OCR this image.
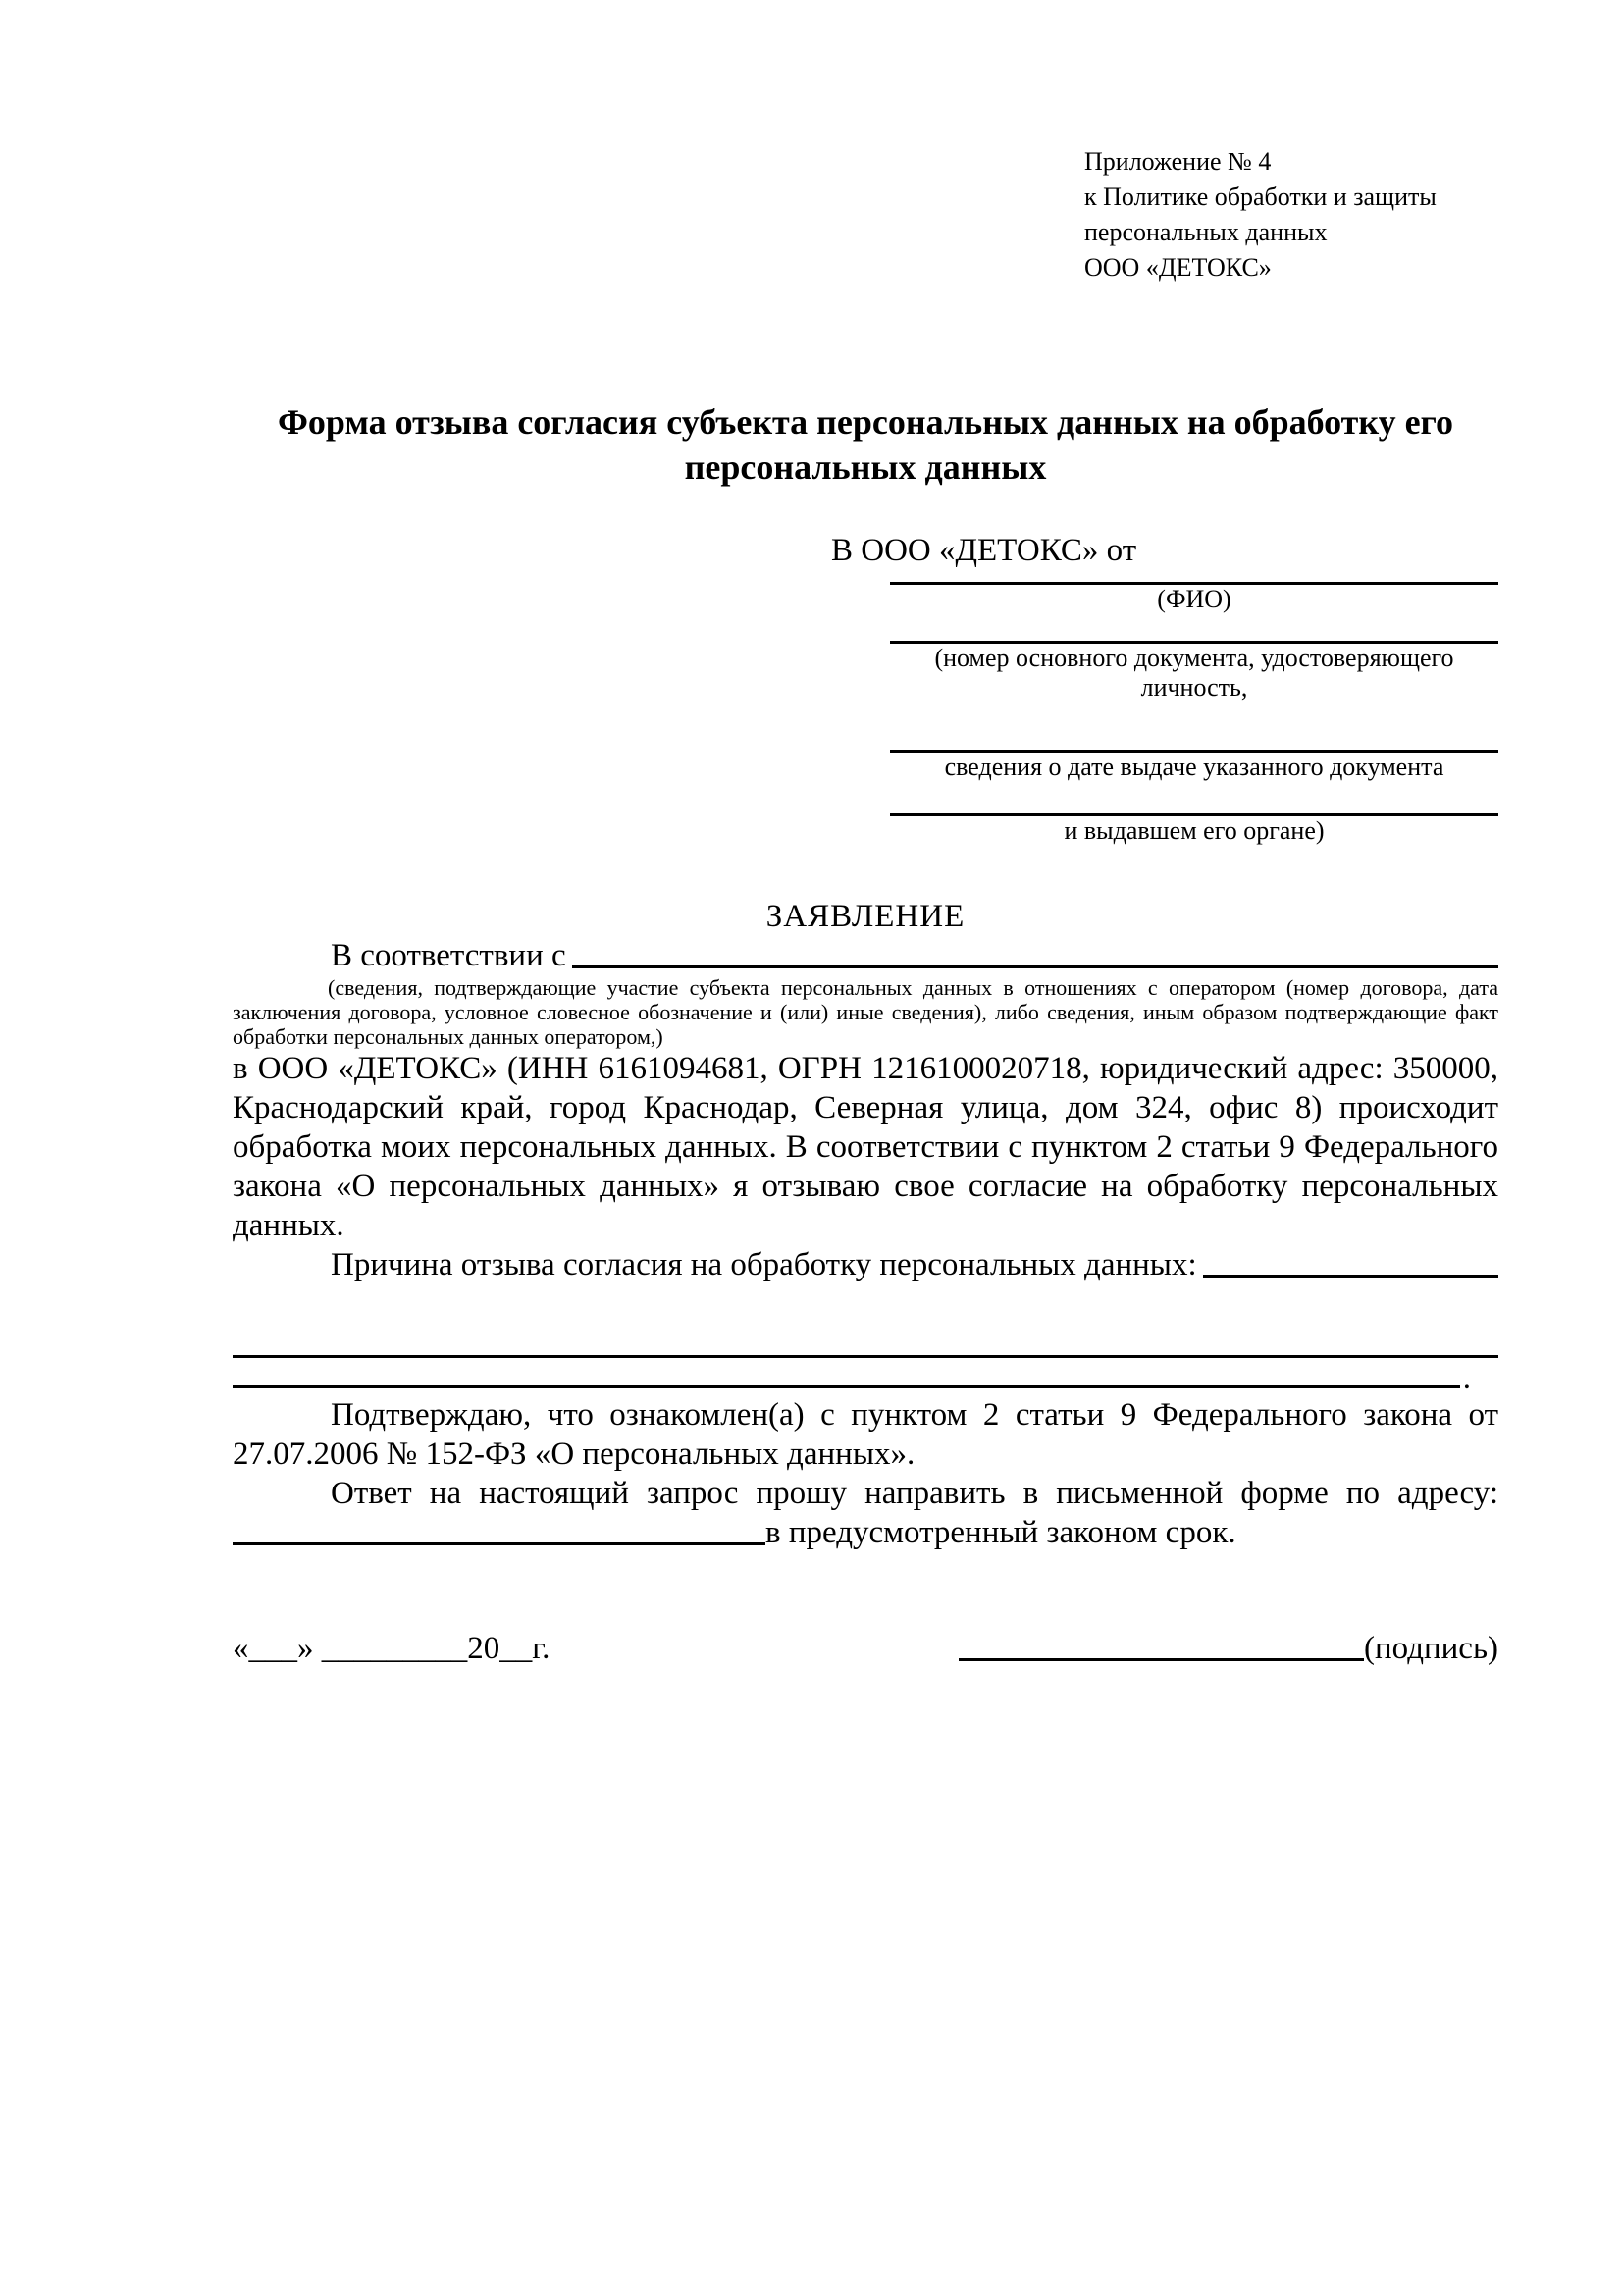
Приложение № 4
к Политике обработки и защиты
персональных данных
ООО «ДЕТОКС»
Форма отзыва согласия субъекта персональных данных на обработку его персональных данных
В ООО «ДЕТОКС» от
(ФИО)
(номер основного документа, удостоверяющего личность,
сведения о дате выдаче указанного документа
и выдавшем его органе)
ЗАЯВЛЕНИЕ
В соответствии с
(сведения, подтверждающие участие субъекта персональных данных в отношениях с оператором (номер договора, дата заключения договора, условное словесное обозначение и (или) иные сведения), либо сведения, иным образом подтверждающие факт обработки персональных данных оператором,)
в ООО «ДЕТОКС» (ИНН 6161094681, ОГРН 1216100020718, юридический адрес: 350000, Краснодарский край, город Краснодар, Северная улица, дом 324, офис 8) происходит обработка моих персональных данных. В соответствии с пунктом 2 статьи 9 Федерального закона «О персональных данных» я отзываю свое согласие на обработку персональных данных.
Причина отзыва согласия на обработку персональных данных:
.
Подтверждаю, что ознакомлен(а) с пунктом 2 статьи 9 Федерального закона от 27.07.2006 № 152-ФЗ «О персональных данных».
Ответ на настоящий запрос прошу направить в письменной форме по адресу:
в предусмотренный законом срок.
«___» _________20__г.	(подпись)
